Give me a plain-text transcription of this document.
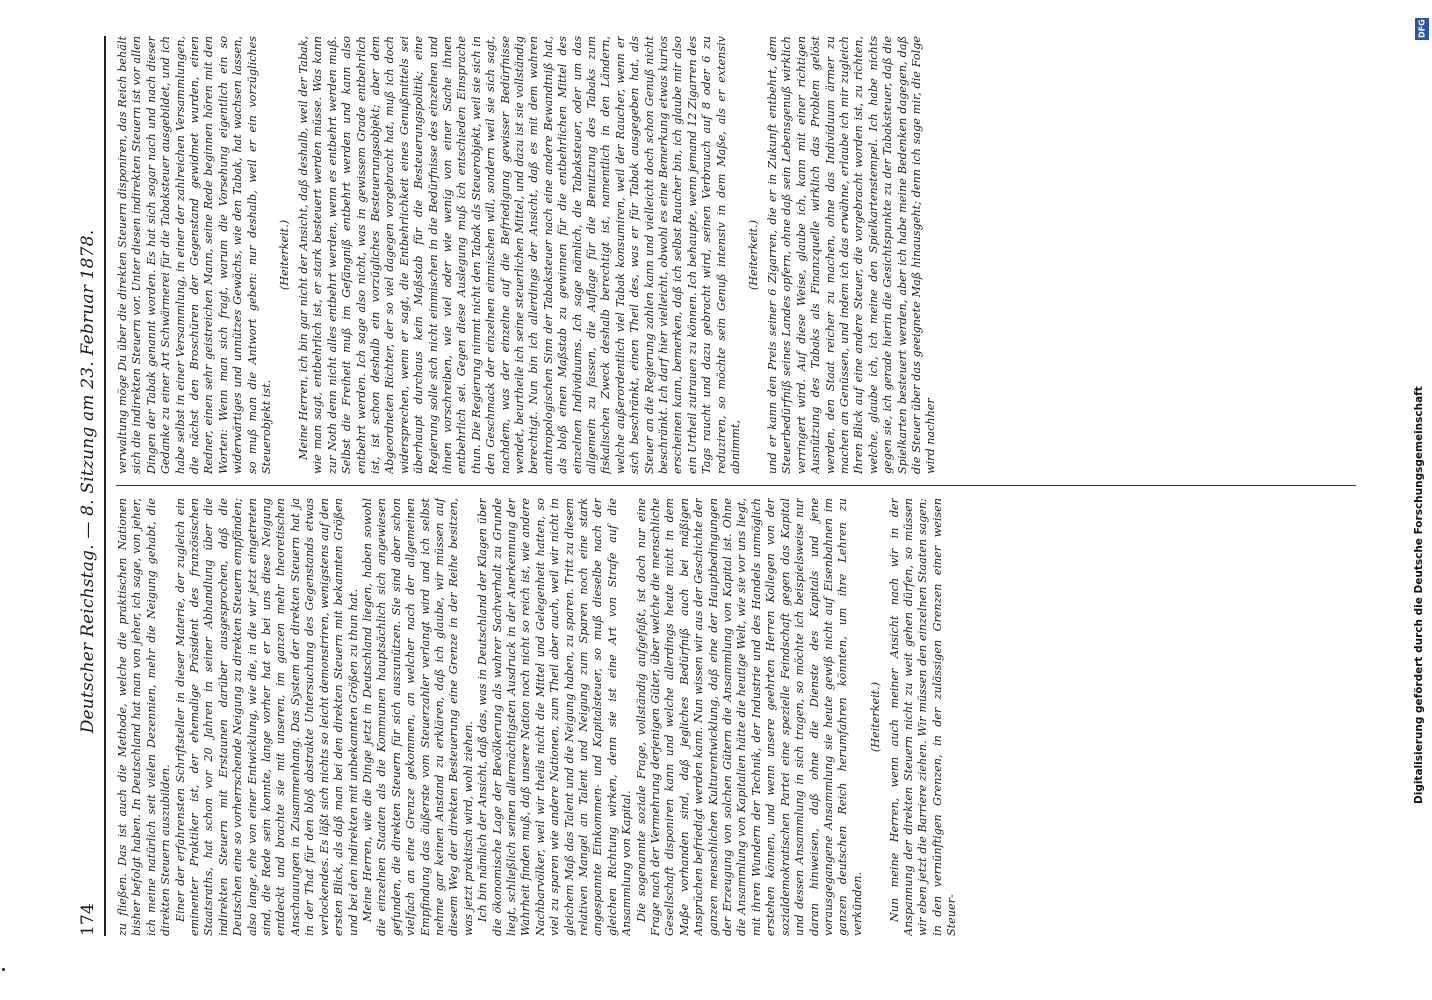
174
Deutscher Reichstag. — 8. Sitzung am 23. Februar 1878. zu fließen. Das ist auch die Methode, welche die praktischen Nationen bisher befolgt haben. In Deutschland hat man von jeher, ich sage, von jeher, ich meine natürlich seit vielen Dezennien, mehr die Neigung gehabt, die direkten Steuern auszubilden. Einer der erfahrensten Schriftsteller in dieser Materie, der zugleich ein eminenter Praktiker ist, der ehemalige Präsident des französischen Staatsraths, hat schon vor 20 Jahren in seiner Abhandlung über die indirekten Steuern mit Erstaunen darüber ausgesprochen, daß die Deutschen eine so vorherrschende Neigung zu direkten Steuern empfänden; also lange, ehe von einer Entwicklung, wie die, in die wir jetzt eingetreten sind, die Rede sein konnte, lange vorher hat er bei uns diese Neigung entdeckt und brachte sie mit unseren, im ganzen mehr theoretischen Anschauungen in Zusammenhang. Das System der direkten Steuern hat ja in der That für den bloß abstrakte Untersuchung des Gegenstands etwas verlockendes. Es läßt sich nichts so leicht demonstriren, wenigstens auf den ersten Blick, als daß man bei den direkten Steuern mit bekannten Größen und bei den indirekten mit unbekannten Größen zu thun hat. Meine Herren, wie die Dinge jetzt in Deutschland liegen, haben sowohl die einzelnen Staaten als die Kommunen hauptsächlich sich angewiesen gefunden, die direkten Steuern für sich auszunützen. Sie sind aber schon vielfach an eine Grenze gekommen, an welcher nach der allgemeinen Empfindung das äußerste vom Steuerzahler verlangt wird und ich selbst nehme gar keinen Anstand zu erklären, daß ich glaube, wir müssen auf diesem Weg der direkten Besteuerung eine Grenze in der Reihe besitzen, was jetzt praktisch wird, wohl ziehen. Ich bin nämlich der Ansicht, daß das, was in Deutschland der Klagen über die ökonomische Lage der Bevölkerung als wahrer Sachverhalt zu Grunde liegt, schließlich seinen allermächtigsten Ausdruck in der Anerkennung der Wahrheit finden muß, daß unsere Nation noch nicht so reich ist, wie andere Nachbarvölker, weil wir theils nicht die Mittel und Gelegenheit hatten, so viel zu sparen wie andere Nationen, zum Theil aber auch, weil wir nicht in gleichem Maß das Talent und die Neigung haben, zu sparen. Tritt zu diesem relativen Mangel an Talent und Neigung zum Sparen noch eine stark angespannte Einkommen- und Kapitalsteuer, so muß dieselbe nach der gleichen Richtung wirken, denn sie ist eine Art von Strafe auf die Ansammlung von Kapital. Die sogenannte soziale Frage, vollständig aufgefaßt, ist doch nur eine Frage nach der Vermehrung derjenigen Güter, über welche die menschliche Gesellschaft disponiren kann und welche allerdings heute nicht in dem Maße vorhanden sind, daß jegliches Bedürfniß auch bei mäßigen Ansprüchen befriedigt werden kann. Nun wissen wir aus der Geschichte der ganzen menschlichen Kulturentwicklung, daß eine der Hauptbedingungen der Erzeugung von solchen Gütern die Ansammlung von Kapital ist. Ohne die Ansammlung von Kapitalien hätte die heutige Welt, wie sie vor uns liegt, mit ihren Wundern der Technik, der Industrie und des Handels unmöglich erstehen können, und wenn unsere geehrten Herren Kollegen von der sozialdemokratischen Partei eine spezielle Feindschaft gegen das Kapital und dessen Ansammlung in sich tragen, so möchte ich beispielsweise nur daran hinweisen, daß ohne die Dienste des Kapitals und jene vorausgegangene Ansammlung sie heute gewiß nicht auf Eisenbahnen im ganzen deutschen Reich herumfahren könnten, um ihre Lehren zu verkünden.

(Heiterkeit.) Nun meine Herren, wenn auch meiner Ansicht nach wir in der Anspannung der direkten Steuern nicht zu weit gehen dürfen, so müssen wir eben jetzt die Barriere ziehen. Wir müssen den einzelnen Staaten sagen: in den vernünftigen Grenzen, in der zulässigen Grenzen einer weisen Steuer-

verwaltung möge Du über die direkten Steuern disponiren, das Reich behält sich die indirekten Steuern vor. Unter diesen indirekten Steuern ist vor allen Dingen der Tabak genannt worden. Es hat sich sogar nach und nach dieser Gedanke zu einer Art Schwärmerei für die Tabaksteuer ausgebildet, und ich habe selbst in einer Versammlung, in einer der zahlreichen Versammlungen, die nächst den Broschüren der Gegenstand gewidmet wurden, einen Redner, einen sehr geistreichen Mann, seine Rede beginnen hören mit den Worten: Wenn man sich fragt, warum die Vorsehung eigentlich ein so widerwärtiges und unnützes Gewächs, wie den Tabak, hat wachsen lassen, so muß man die Antwort geben: nur deshalb, weil er ein vorzügliches Steuerobjekt ist.

(Heiterkeit.) Meine Herren, ich bin gar nicht der Ansicht, daß deshalb, weil der Tabak, wie man sagt, entbehrlich ist, er stark besteuert werden müsse. Was kann zur Noth denn nicht alles entbehrt werden, wenn es entbehrt werden muß. Selbst die Freiheit muß im Gefängniß entbehrt werden und kann also entbehrt werden. Ich sage also nicht, was in gewissem Grade entbehrlich ist, ist schon deshalb ein vorzügliches Besteuerungsobjekt; aber dem Abgeordneten Richter, der so viel dagegen vorgebracht hat, muß ich doch widersprechen, wenn er sagt, die Entbehrlichkeit eines Genußmittels sei überhaupt durchaus kein Maßstab für die Besteuerungspolitik; eine Regierung solle sich nicht einmischen in die Bedürfnisse des einzelnen und ihnen vorschreiben, wie viel oder wie wenig von einer Sache ihnen entbehrlich sei. Gegen diese Auslegung muß ich entschieden Einsprache thun. Die Regierung nimmt nicht den Tabak als Steuerobjekt, weil sie sich in den Geschmack der einzelnen einmischen will, sondern weil sie sich sagt, nachdem, was der einzelne auf die Befriedigung gewisser Bedürfnisse wendet, beurtheile ich seine steuerlichen Mittel, und dazu ist sie vollständig berechtigt. Nun bin ich allerdings der Ansicht, daß es mit dem wahren anthropologischen Sinn der Tabaksteuer nach eine andere Bewandtniß hat, als bloß einen Maßstab zu gewinnen für die entbehrlichen Mittel des einzelnen Individuums. Ich sage nämlich, die Tabaksteuer, oder um das allgemein zu fassen, die Auflage für die Benutzung des Tabaks zum fiskalischen Zweck deshalb berechtigt ist, namentlich in den Ländern, welche außerordentlich viel Tabak konsumiren, weil der Raucher, wenn er sich beschränkt, einen Theil des, was er für Tabak ausgegeben hat, als Steuer an die Regierung zahlen kann und vielleicht doch schon Genuß nicht beschränkt. Ich darf hier vielleicht, obwohl es eine Bemerkung etwas kurios erscheinen kann, bemerken, daß ich selbst Raucher bin, ich glaube mir also ein Urtheil zutrauen zu können. Ich behaupte, wenn jemand 12 Zigarren des Tags raucht und dazu gebracht wird, seinen Verbrauch auf 8 oder 6 zu reduziren, so möchte sein Genuß intensiv in dem Maße, als er extensiv abnimmt,

(Heiterkeit.) und er kann den Preis seiner 6 Zigarren, die er in Zukunft entbehrt, dem Steuerbedürfniß seines Landes opfern, ohne daß sein Lebensgenuß wirklich verringert wird. Auf diese Weise, glaube ich, kann mit einer richtigen Ausnützung des Tabaks als Finanzquelle wirklich das Problem gelöst werden, den Staat reicher zu machen, ohne das Individuum ärmer zu machen an Genüssen, und indem ich das erwähne, erlaube ich mir zugleich Ihren Blick auf eine andere Steuer, die vorgebracht worden ist, zu richten, welche, glaube ich, ich meine den Spielkartenstempel. Ich habe nichts gegen sie, ich gerade hierin die Gesichtspunkte zu der Tabaksteuer, daß die Spielkarten besteuert werden, aber ich habe meine Bedenken dagegen, daß die Steuer über das geeignete Maß hinausgeht; denn ich sage mir, die Folge wird nachher

DFG
Digitalisierung gefördert durch die Deutsche Forschungsgemeinschaft
